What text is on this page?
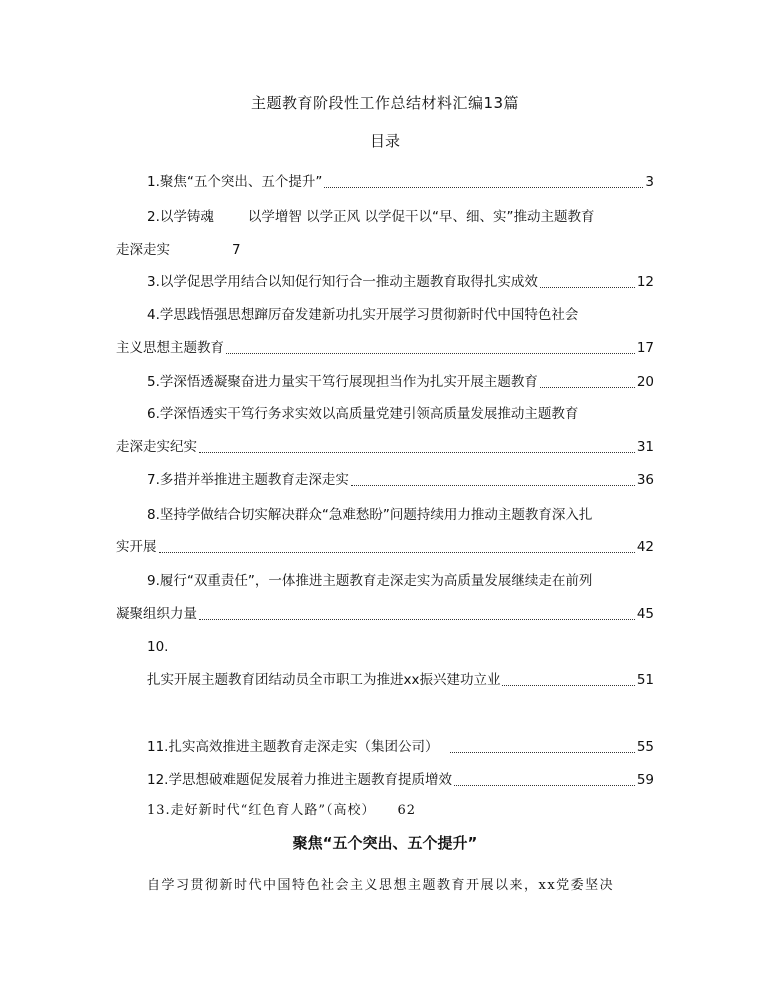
主题教育阶段性工作总结材料汇编13篇
目录
1.聚焦“五个突出、五个提升”	3
2.以学铸魂	以学增智 以学正风 以学促干以“早、细、实”推动主题教育
走深走实	7
3.以学促思学用结合以知促行知行合一推动主题教育取得扎实成效	12
4.学思践悟强思想蹿厉奋发建新功扎实开展学习贯彻新时代中国特色社会
主义思想主题教育	17
5.学深悟透凝聚奋进力量实干笃行展现担当作为扎实开展主题教育	20
6.学深悟透实干笃行务求实效以高质量党建引领高质量发展推动主题教育
走深走实纪实	31
7.多措并举推进主题教育走深走实	36
8.坚持学做结合切实解决群众“急难愁盼”问题持续用力推动主题教育深入扎
实开展	42
9.履行“双重责任”，一体推进主题教育走深走实为高质量发展继续走在前列
凝聚组织力量	45
10.
扎实开展主题教育团结动员全市职工为推进xx振兴建功立业	51
11.扎实高效推进主题教育走深走实（集团公司）	55
12.学思想破难题促发展着力推进主题教育提质增效	59
13.走好新时代“红色育人路”（高校） 62
聚焦“五个突出、五个提升”
自学习贯彻新时代中国特色社会主义思想主题教育开展以来，xx党委坚决
